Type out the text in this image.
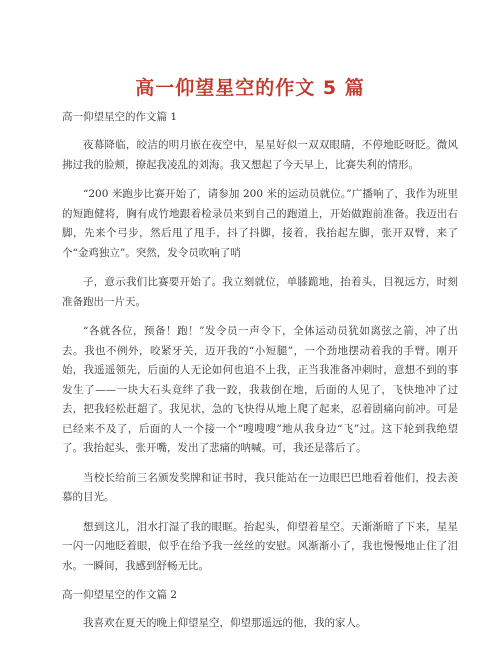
高一仰望星空的作文 5 篇
高一仰望星空的作文篇 1

夜幕降临，皎洁的明月嵌在夜空中，星星好似一双双眼睛，不停地眨呀眨。微风拂过我的脸颊，撩起我凌乱的刘海。我又想起了今天早上，比赛失利的情形。

“200 米跑步比赛开始了，请参加 200 米的运动员就位。”广播响了，我作为班里的短跑健将，胸有成竹地跟着检录员来到自己的跑道上，开始做跑前准备。我迈出右脚，先来个弓步，然后甩了甩手，抖了抖脚，接着，我抬起左脚，张开双臂，来了个“金鸡独立”。突然，发令员吹响了哨

子，意示我们比赛要开始了。我立刻就位，单膝跪地，抬着头，目视远方，时刻准备跑出一片天。

“各就各位，预备！跑！”发令员一声令下，全体运动员犹如离弦之箭，冲了出去。我也不例外，咬紧牙关，迈开我的“小短腿”，一个劲地摆动着我的手臂。刚开始，我遥遥领先，后面的人无论如何也追不上我，正当我准备冲刺时，意想不到的事发生了——一块大石头竟绊了我一跤，我栽倒在地，后面的人见了，飞快地冲了过去，把我轻松赶超了。我见状，急的飞快得从地上爬了起来，忍着剧痛向前冲。可是已经来不及了，后面的人一个接一个“嗖嗖嗖”地从我身边“飞”过。这下轮到我绝望了。我抬起头，张开嘴，发出了悲痛的呐喊。可，我还是落后了。

当校长给前三名颁发奖牌和证书时，我只能站在一边眼巴巴地看着他们，投去羡慕的目光。

想到这儿，泪水打湿了我的眼眶。抬起头，仰望着星空。天渐渐暗了下来，星星一闪一闪地眨着眼，似乎在给予我一丝丝的安慰。风渐渐小了，我也慢慢地止住了泪水。一瞬间，我感到舒畅无比。

高一仰望星空的作文篇 2

我喜欢在夏天的晚上仰望星空，仰望那遥远的他，我的家人。
